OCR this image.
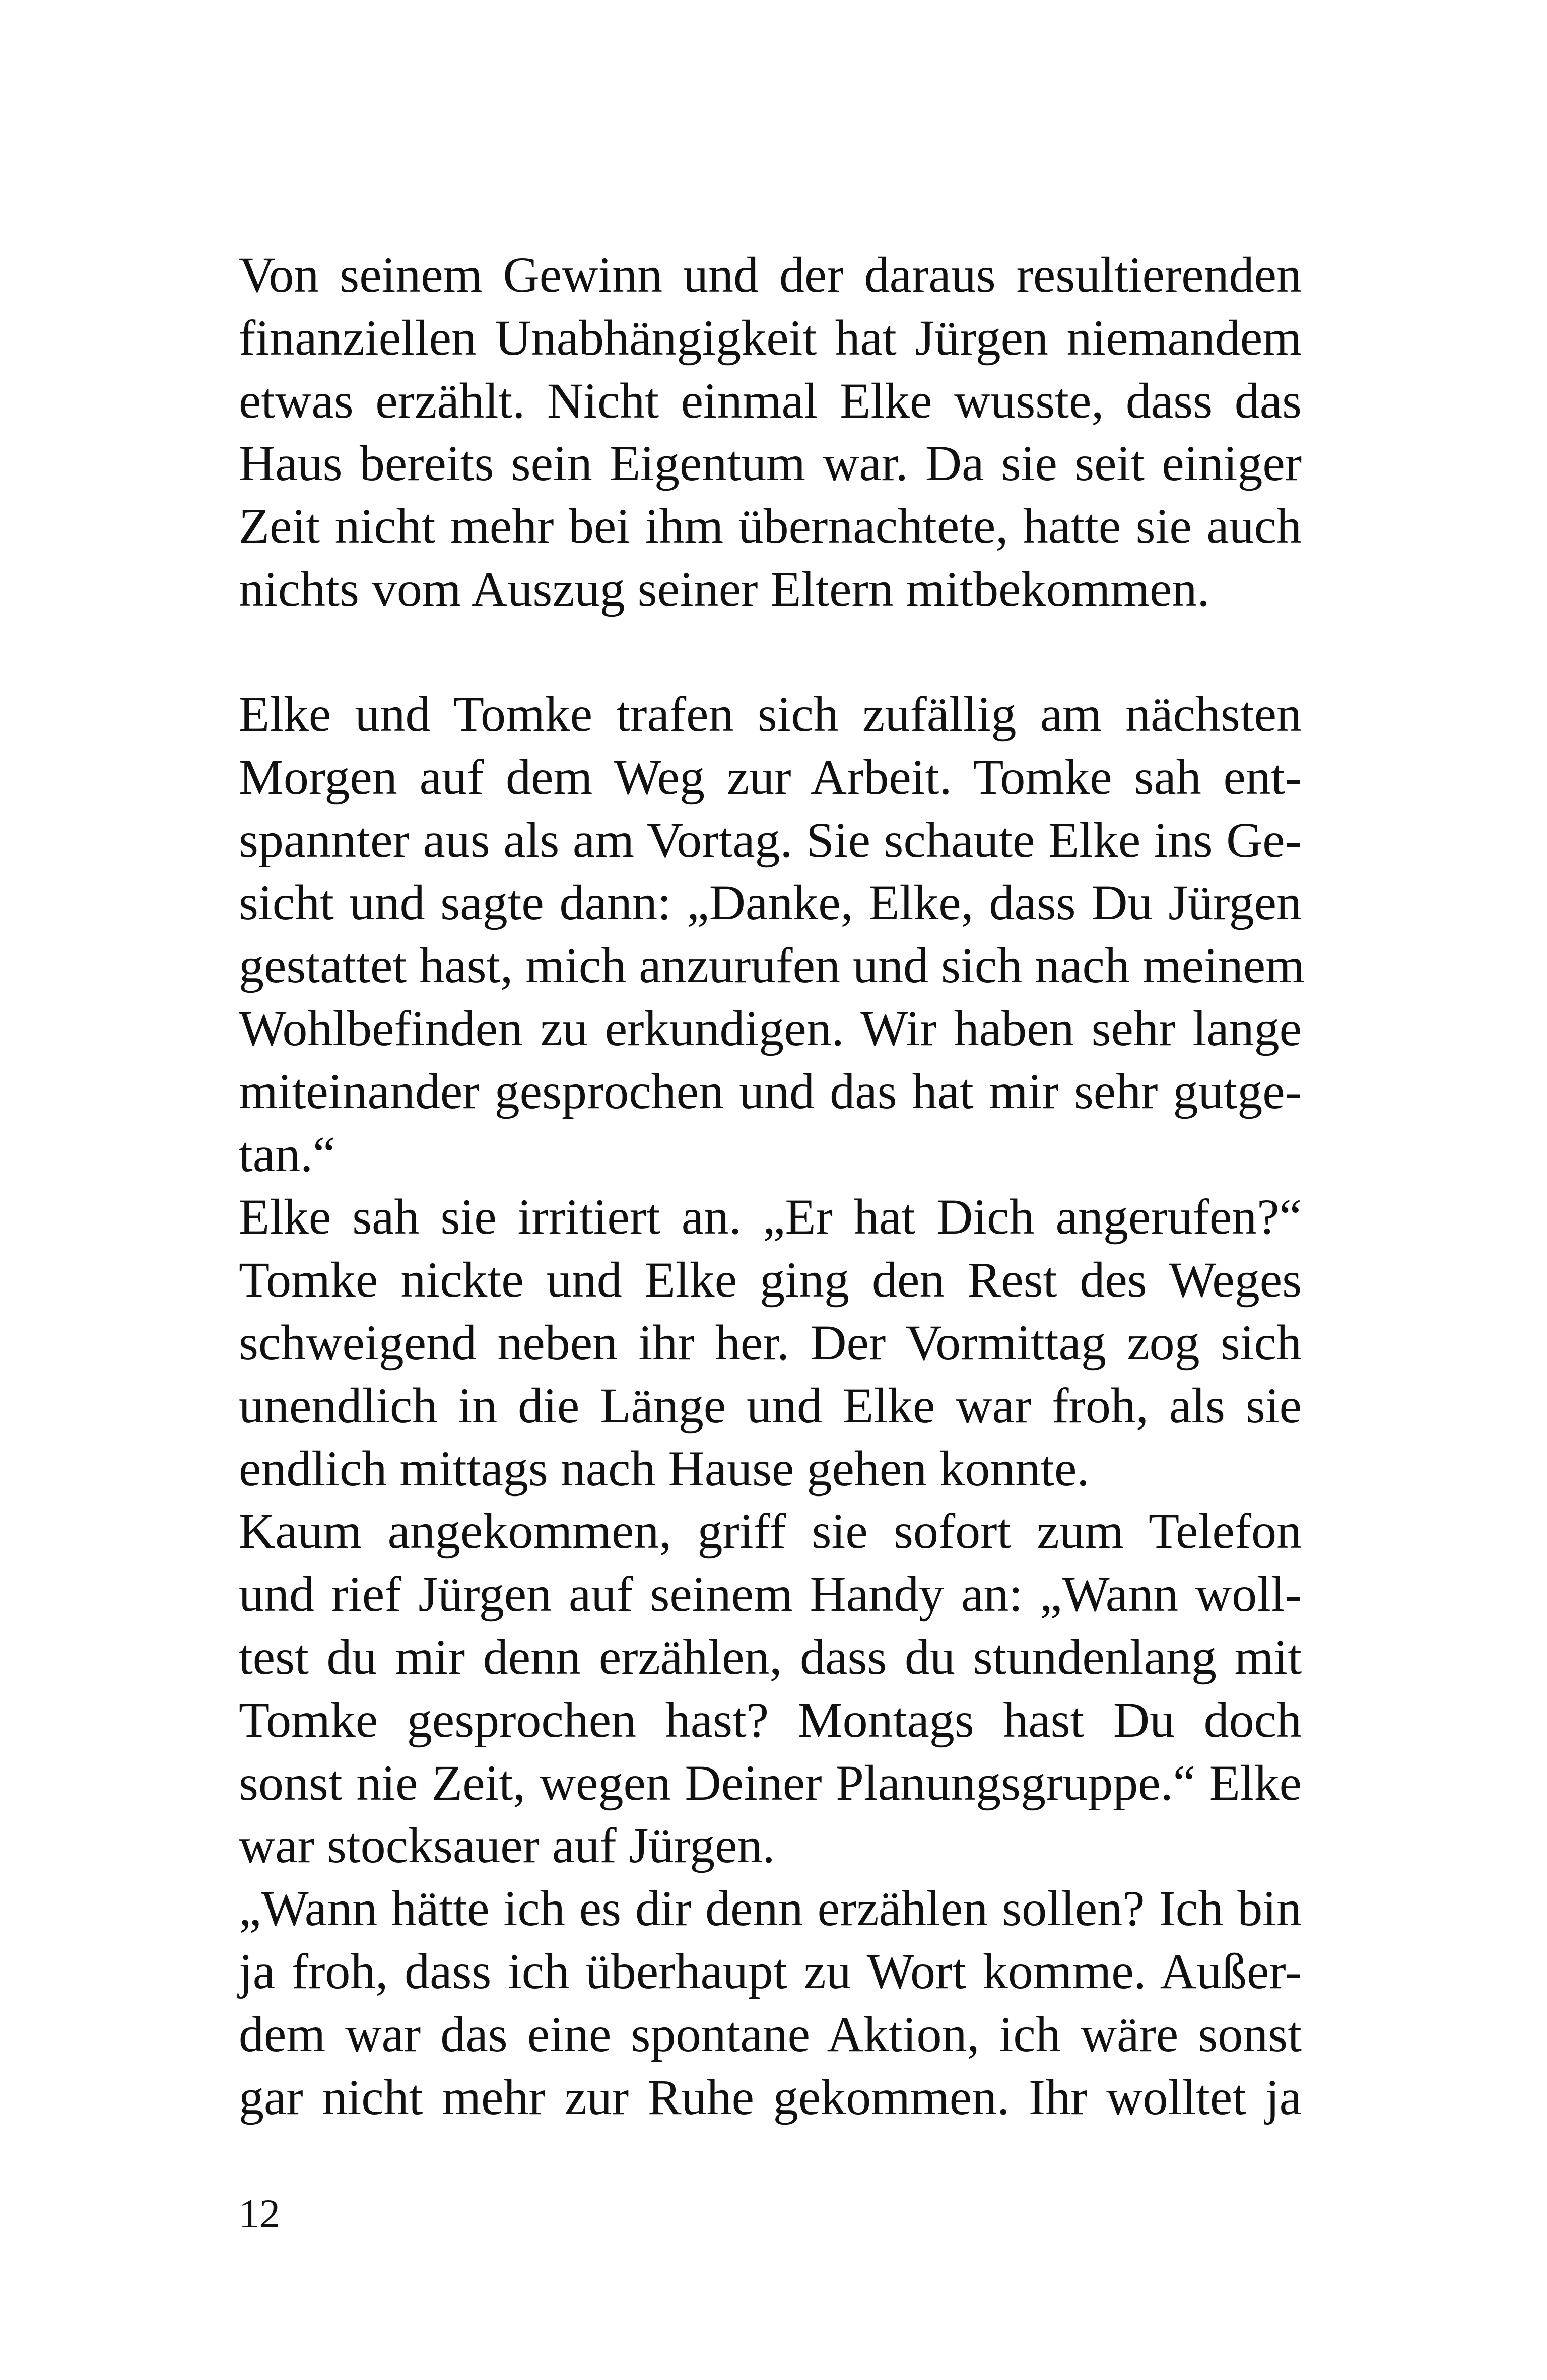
Von seinem Gewinn und der daraus resultierenden
finanziellen Unabhängigkeit hat Jürgen niemandem
etwas erzählt. Nicht einmal Elke wusste, dass das
Haus bereits sein Eigentum war. Da sie seit einiger
Zeit nicht mehr bei ihm übernachtete, hatte sie auch
nichts vom Auszug seiner Eltern mitbekommen.
Elke und Tomke trafen sich zufällig am nächsten
Morgen auf dem Weg zur Arbeit. Tomke sah ent-
spannter aus als am Vortag. Sie schaute Elke ins Ge-
sicht und sagte dann: „Danke, Elke, dass Du Jürgen
gestattet hast, mich anzurufen und sich nach meinem
Wohlbefinden zu erkundigen. Wir haben sehr lange
miteinander gesprochen und das hat mir sehr gutge-
tan.“
Elke sah sie irritiert an. „Er hat Dich angerufen?“
Tomke nickte und Elke ging den Rest des Weges
schweigend neben ihr her. Der Vormittag zog sich
unendlich in die Länge und Elke war froh, als sie
endlich mittags nach Hause gehen konnte.
Kaum angekommen, griff sie sofort zum Telefon
und rief Jürgen auf seinem Handy an: „Wann woll-
test du mir denn erzählen, dass du stundenlang mit
Tomke gesprochen hast? Montags hast Du doch
sonst nie Zeit, wegen Deiner Planungsgruppe.“ Elke
war stocksauer auf Jürgen.
„Wann hätte ich es dir denn erzählen sollen? Ich bin
ja froh, dass ich überhaupt zu Wort komme. Außer-
dem war das eine spontane Aktion, ich wäre sonst
gar nicht mehr zur Ruhe gekommen. Ihr wolltet ja
12
